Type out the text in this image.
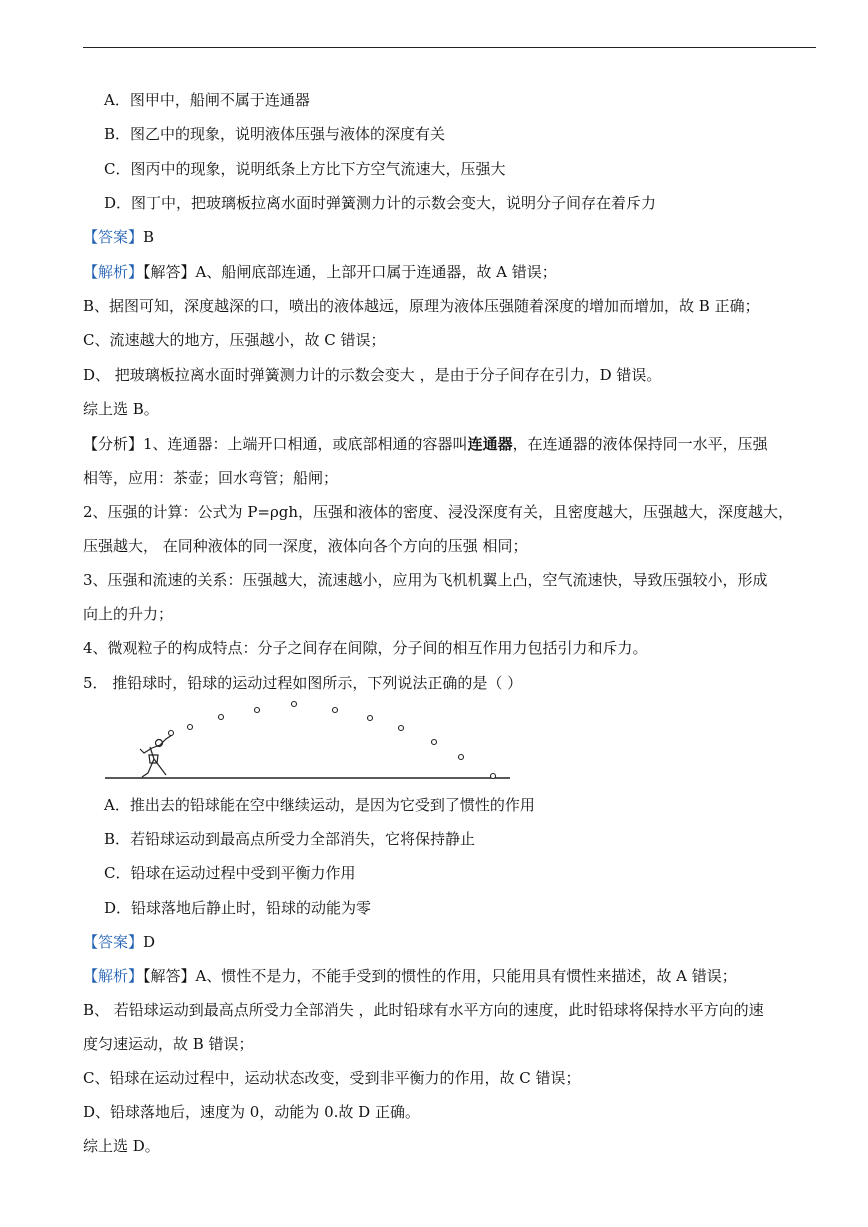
A．图甲中，船闸不属于连通器
B．图乙中的现象，说明液体压强与液体的深度有关
C．图丙中的现象，说明纸条上方比下方空气流速大，压强大
D．图丁中，把玻璃板拉离水面时弹簧测力计的示数会变大，说明分子间存在着斥力
【答案】B
【解析】【解答】A、船闸底部连通，上部开口属于连通器，故 A 错误；
B、据图可知，深度越深的口，喷出的液体越远，原理为液体压强随着深度的增加而增加，故 B 正确；
C、流速越大的地方，压强越小，故 C 错误；
D、 把玻璃板拉离水面时弹簧测力计的示数会变大 ，是由于分子间存在引力，D 错误。
综上选 B。
【分析】1、连通器：上端开口相通，或底部相通的容器叫连通器，在连通器的液体保持同一水平，压强
相等，应用：茶壶；回水弯管；船闸；
2、压强的计算：公式为 P=ρgh，压强和液体的密度、浸没深度有关，且密度越大，压强越大，深度越大，
压强越大， 在同种液体的同一深度，液体向各个方向的压强 相同；
3、压强和流速的关系：压强越大，流速越小，应用为飞机机翼上凸，空气流速快，导致压强较小，形成
向上的升力；
4、微观粒子的构成特点：分子之间存在间隙，分子间的相互作用力包括引力和斥力。
5． 推铅球时，铅球的运动过程如图所示，下列说法正确的是（ ）
A．推出去的铅球能在空中继续运动，是因为它受到了惯性的作用
B．若铅球运动到最高点所受力全部消失，它将保持静止
C．铅球在运动过程中受到平衡力作用
D．铅球落地后静止时，铅球的动能为零
【答案】D
【解析】【解答】A、惯性不是力，不能手受到的惯性的作用，只能用具有惯性来描述，故 A 错误；
B、 若铅球运动到最高点所受力全部消失 ，此时铅球有水平方向的速度，此时铅球将保持水平方向的速
度匀速运动，故 B 错误；
C、铅球在运动过程中，运动状态改变，受到非平衡力的作用，故 C 错误；
D、铅球落地后，速度为 0，动能为 0.故 D 正确。
综上选 D。
